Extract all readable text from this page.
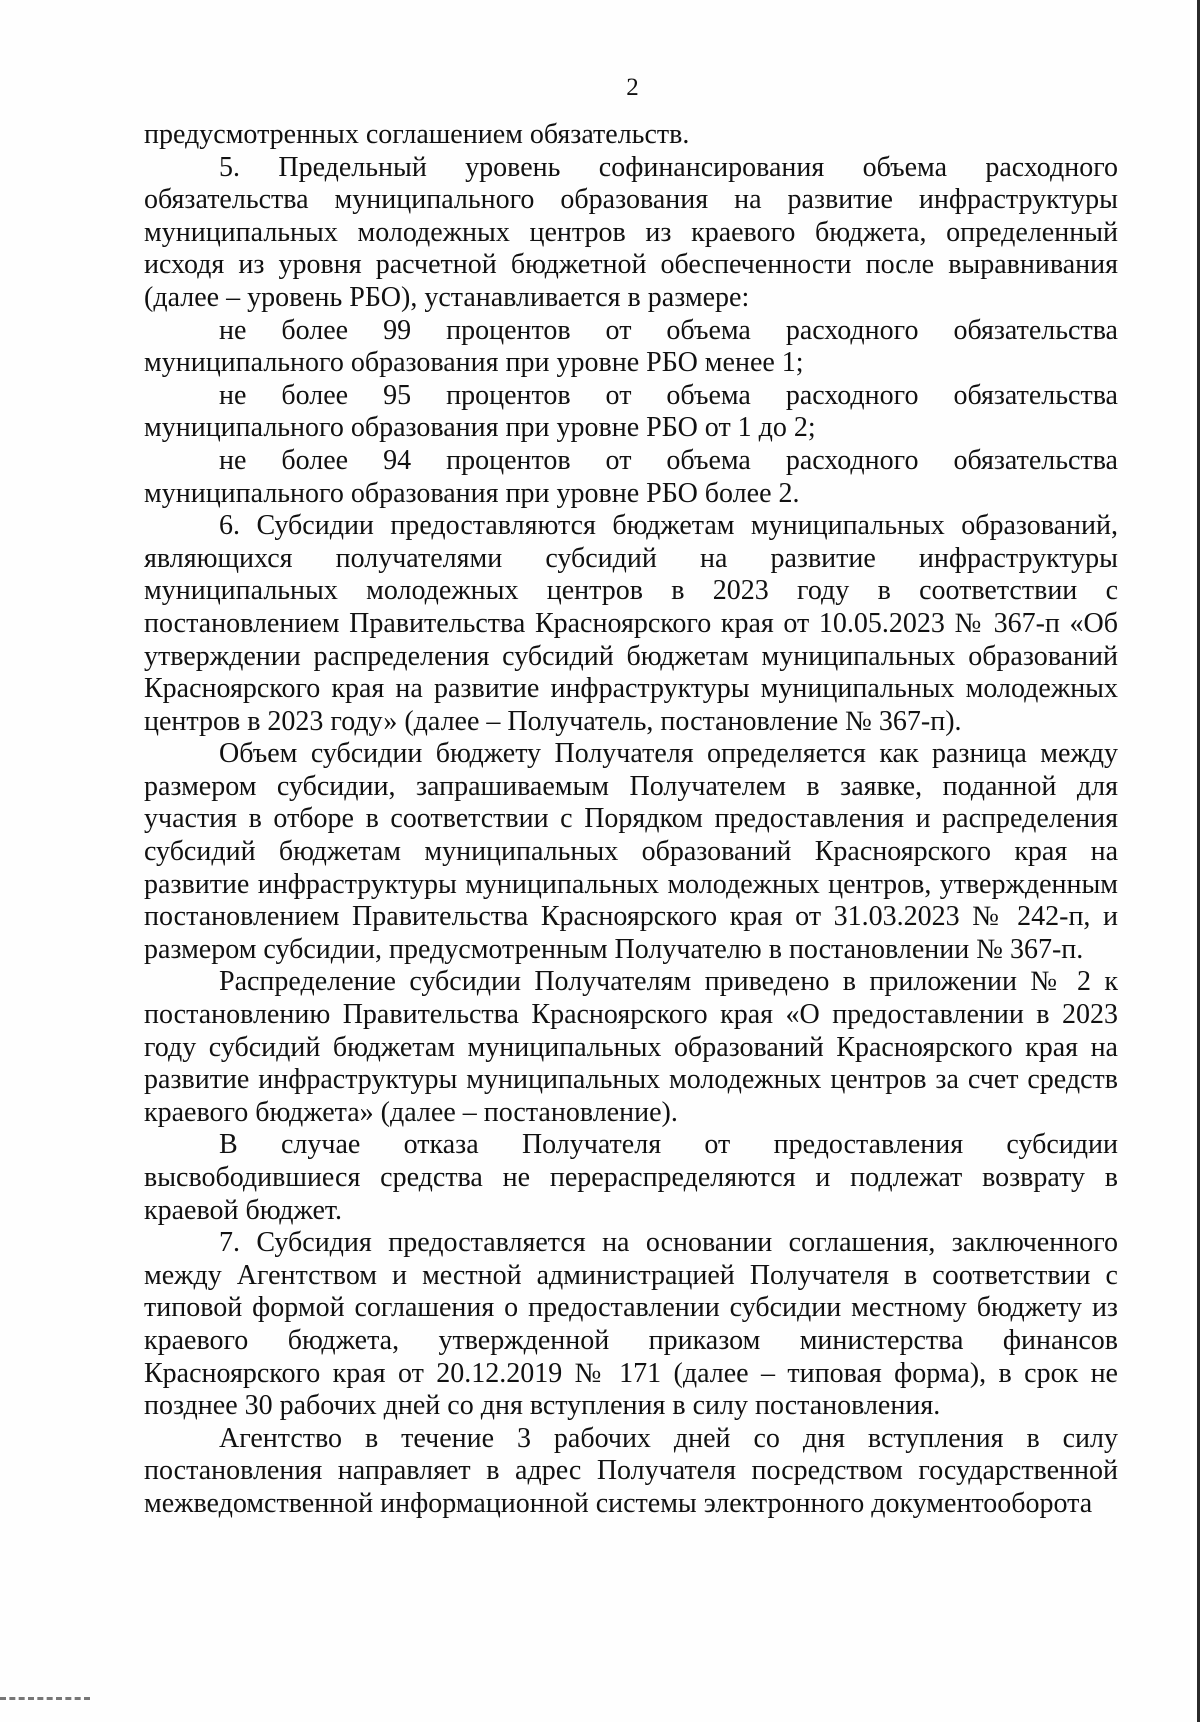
2

предусмотренных соглашением обязательств.

5. Предельный уровень софинансирования объема расходного обязательства муниципального образования на развитие инфраструктуры муниципальных молодежных центров из краевого бюджета, определенный исходя из уровня расчетной бюджетной обеспеченности после выравнивания (далее – уровень РБО), устанавливается в размере:

не более 99 процентов от объема расходного обязательства муниципального образования при уровне РБО менее 1;

не более 95 процентов от объема расходного обязательства муниципального образования при уровне РБО от 1 до 2;

не более 94 процентов от объема расходного обязательства муниципального образования при уровне РБО более 2.

6. Субсидии предоставляются бюджетам муниципальных образований, являющихся получателями субсидий на развитие инфраструктуры муниципальных молодежных центров в 2023 году в соответствии с постановлением Правительства Красноярского края от 10.05.2023 № 367-п «Об утверждении распределения субсидий бюджетам муниципальных образований Красноярского края на развитие инфраструктуры муниципальных молодежных центров в 2023 году» (далее – Получатель, постановление № 367-п).

Объем субсидии бюджету Получателя определяется как разница между размером субсидии, запрашиваемым Получателем в заявке, поданной для участия в отборе в соответствии с Порядком предоставления и распределения субсидий бюджетам муниципальных образований Красноярского края на развитие инфраструктуры муниципальных молодежных центров, утвержденным постановлением Правительства Красноярского края от 31.03.2023 № 242-п, и размером субсидии, предусмотренным Получателю в постановлении № 367-п.

Распределение субсидии Получателям приведено в приложении № 2 к постановлению Правительства Красноярского края «О предоставлении в 2023 году субсидий бюджетам муниципальных образований Красноярского края на развитие инфраструктуры муниципальных молодежных центров за счет средств краевого бюджета» (далее – постановление).

В случае отказа Получателя от предоставления субсидии высвободившиеся средства не перераспределяются и подлежат возврату в краевой бюджет.

7. Субсидия предоставляется на основании соглашения, заключенного между Агентством и местной администрацией Получателя в соответствии с типовой формой соглашения о предоставлении субсидии местному бюджету из краевого бюджета, утвержденной приказом министерства финансов Красноярского края от 20.12.2019 № 171 (далее – типовая форма), в срок не позднее 30 рабочих дней со дня вступления в силу постановления.

Агентство в течение 3 рабочих дней со дня вступления в силу постановления направляет в адрес Получателя посредством государственной межведомственной информационной системы электронного документооборота
